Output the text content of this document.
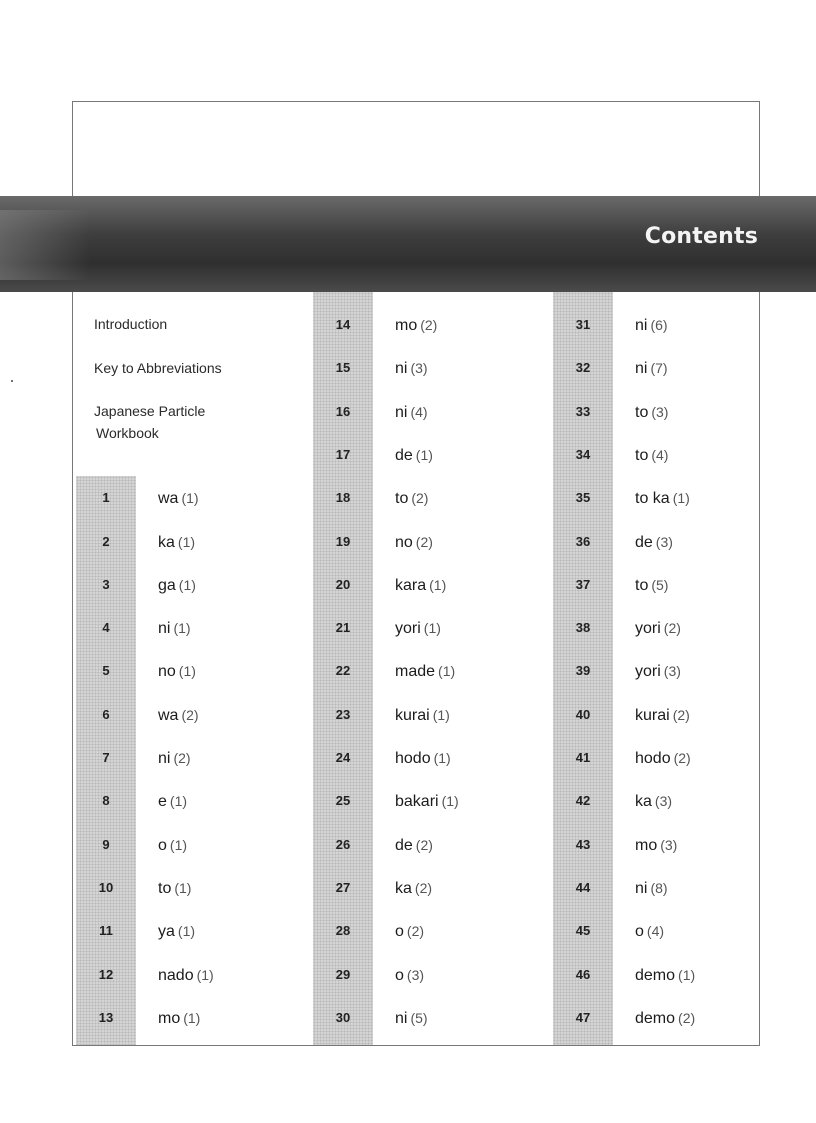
Contents
Introduction
Key to Abbreviations
Japanese Particle
Workbook
1	wa (1)
2	ka (1)
3	ga (1)
4	ni (1)
5	no (1)
6	wa (2)
7	ni (2)
8	e (1)
9	o (1)
10	to (1)
11	ya (1)
12	nado (1)
13	mo (1)
14	mo (2)
15	ni (3)
16	ni (4)
17	de (1)
18	to (2)
19	no (2)
20	kara (1)
21	yori (1)
22	made (1)
23	kurai (1)
24	hodo (1)
25	bakari (1)
26	de (2)
27	ka (2)
28	o (2)
29	o (3)
30	ni (5)
31	ni (6)
32	ni (7)
33	to (3)
34	to (4)
35	to ka (1)
36	de (3)
37	to (5)
38	yori (2)
39	yori (3)
40	kurai (2)
41	hodo (2)
42	ka (3)
43	mo (3)
44	ni (8)
45	o (4)
46	demo (1)
47	demo (2)
